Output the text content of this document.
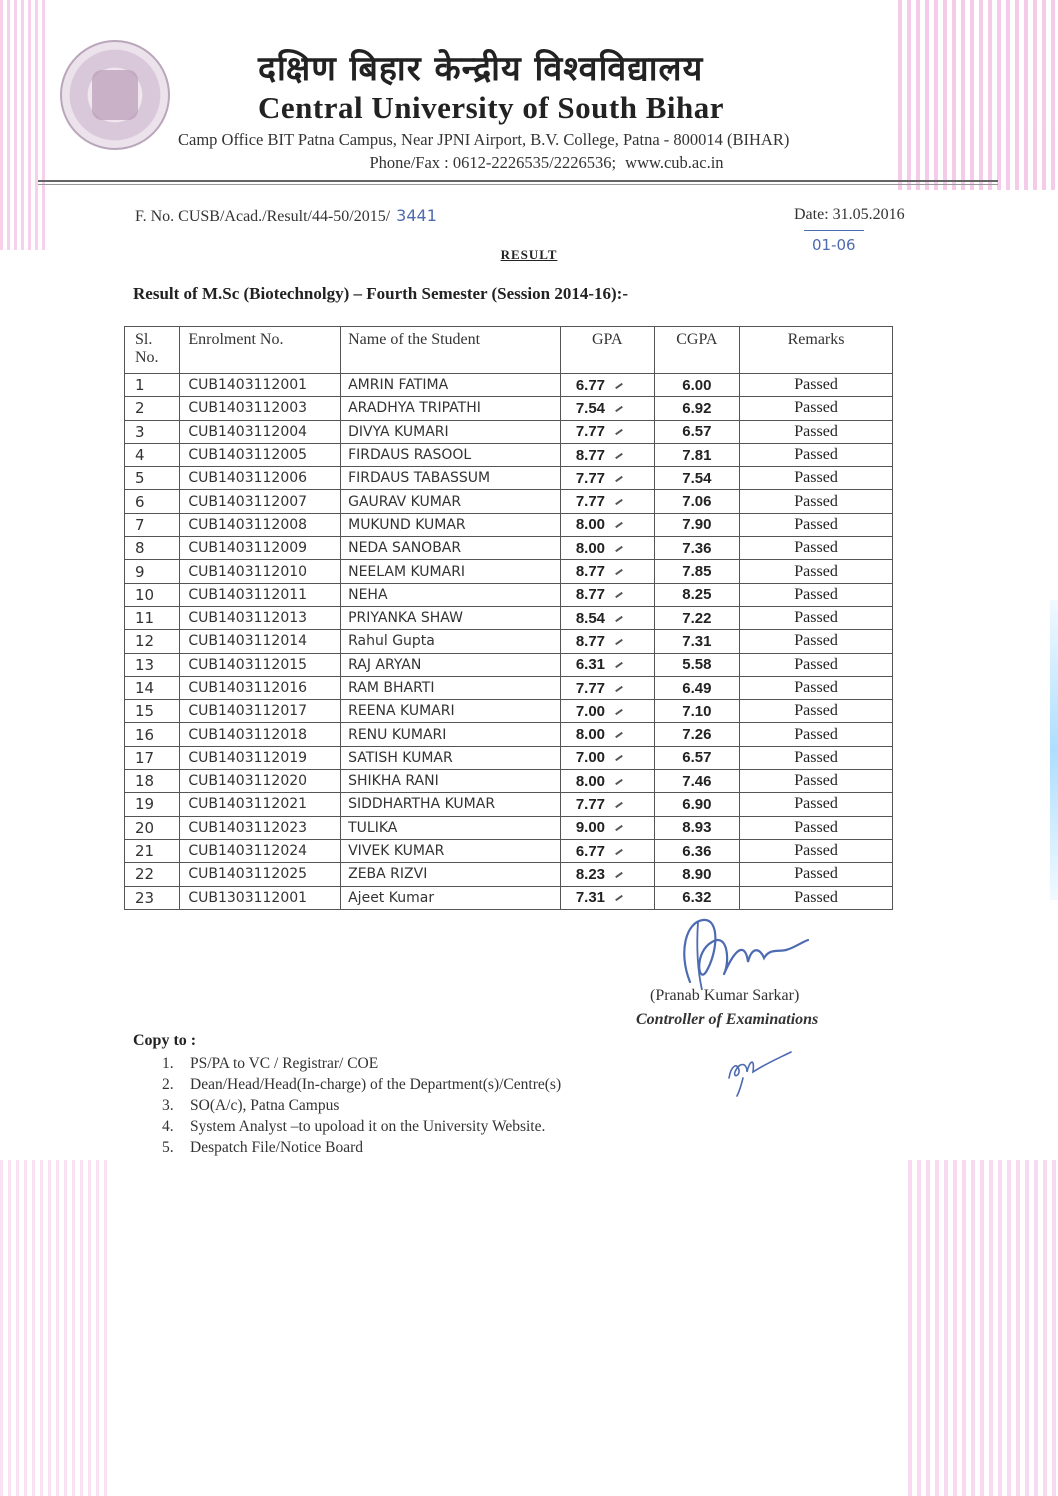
दक्षिण बिहार केन्द्रीय विश्वविद्यालय
Central University of South Bihar
Camp Office BIT Patna Campus, Near JPNI Airport, B.V. College, Patna - 800014 (BIHAR)
Phone/Fax : 0612-2226535/2226536; www.cub.ac.in
F. No. CUSB/Acad./Result/44-50/2015/ 3441	Date: 31.05.2016
01-06
RESULT
Result of M.Sc (Biotechnolgy) – Fourth Semester (Session 2014-16):-
Sl. No.	Enrolment No.	Name of the Student	GPA	CGPA	Remarks
1	CUB1403112001	AMRIN FATIMA	6.77	6.00	Passed
2	CUB1403112003	ARADHYA TRIPATHI	7.54	6.92	Passed
3	CUB1403112004	DIVYA KUMARI	7.77	6.57	Passed
4	CUB1403112005	FIRDAUS RASOOL	8.77	7.81	Passed
5	CUB1403112006	FIRDAUS TABASSUM	7.77	7.54	Passed
6	CUB1403112007	GAURAV KUMAR	7.77	7.06	Passed
7	CUB1403112008	MUKUND KUMAR	8.00	7.90	Passed
8	CUB1403112009	NEDA SANOBAR	8.00	7.36	Passed
9	CUB1403112010	NEELAM KUMARI	8.77	7.85	Passed
10	CUB1403112011	NEHA	8.77	8.25	Passed
11	CUB1403112013	PRIYANKA SHAW	8.54	7.22	Passed
12	CUB1403112014	Rahul Gupta	8.77	7.31	Passed
13	CUB1403112015	RAJ ARYAN	6.31	5.58	Passed
14	CUB1403112016	RAM BHARTI	7.77	6.49	Passed
15	CUB1403112017	REENA KUMARI	7.00	7.10	Passed
16	CUB1403112018	RENU KUMARI	8.00	7.26	Passed
17	CUB1403112019	SATISH KUMAR	7.00	6.57	Passed
18	CUB1403112020	SHIKHA RANI	8.00	7.46	Passed
19	CUB1403112021	SIDDHARTHA KUMAR	7.77	6.90	Passed
20	CUB1403112023	TULIKA	9.00	8.93	Passed
21	CUB1403112024	VIVEK KUMAR	6.77	6.36	Passed
22	CUB1403112025	ZEBA RIZVI	8.23	8.90	Passed
23	CUB1303112001	Ajeet Kumar	7.31	6.32	Passed
(Pranab Kumar Sarkar)
Controller of Examinations
Copy to :
1. PS/PA to VC / Registrar/ COE
2. Dean/Head/Head(In-charge) of the Department(s)/Centre(s)
3. SO(A/c), Patna Campus
4. System Analyst –to upoload it on the University Website.
5. Despatch File/Notice Board
